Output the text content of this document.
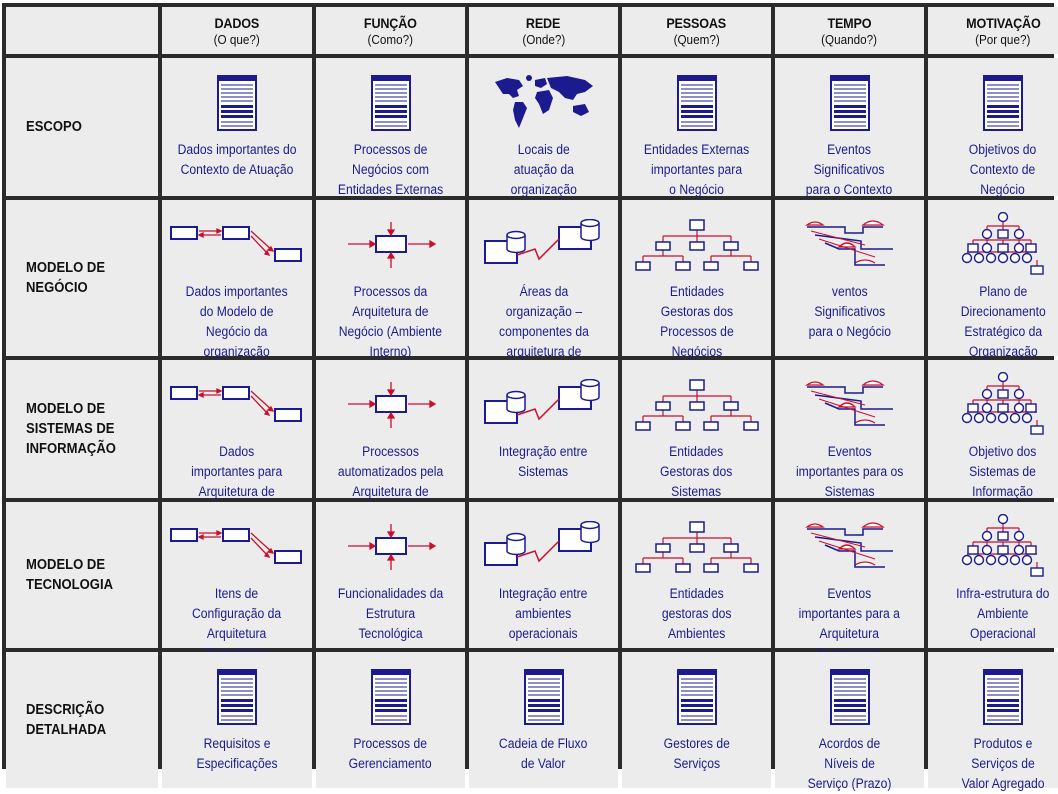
DADOS
(O que?)
FUNÇÃO
(Como?)
REDE
(Onde?)
PESSOAS
(Quem?)
TEMPO
(Quando?)
MOTIVAÇÃO
(Por que?)
ESCOPO
Dados importantes do
Contexto de Atuação
Processos de
Negócios com
Entidades Externas
Locais de
atuação da
organização
Entidades Externas
importantes para
o Negócio
Eventos
Significativos
para o Contexto
Objetivos do
Contexto de
Negócio
MODELO DE
NEGÓCIO	Dados importantes
do Modelo de
Negócio da
organização
Processos da
Arquitetura de
Negócio (Ambiente
Interno)
Áreas da
organização –
componentes da
arquitetura de

Entidades
Gestoras dos
Processos de
Negócios
ventos
Significativos
para o Negócio
Plano de
Direcionamento
Estratégico da
Organização
MODELO DE
SISTEMAS DE
INFORMAÇÃO	Dados
importantes para
Arquitetura de

Processos
automatizados pela
Arquitetura de

Integração entre
Sistemas
Entidades
Gestoras dos
Sistemas
Eventos
importantes para os
Sistemas
Objetivo dos
Sistemas de
Informação
MODELO DE
TECNOLOGIA
Itens de
Configuração da
Arquitetura

Funcionalidades da
Estrutura
Tecnológica
Integração entre
ambientes
operacionais
Entidades
gestoras dos
Ambientes
Eventos
importantes para a
Arquitetura

Infra-estrutura do
Ambiente
Operacional
DESCRIÇÃO
DETALHADA
Requisitos e
Especificações
Processos de
Gerenciamento
Cadeia de Fluxo
de Valor
Gestores de
Serviços
Acordos de
Níveis de
Serviço (Prazo)
Produtos e
Serviços de
Valor Agregado
